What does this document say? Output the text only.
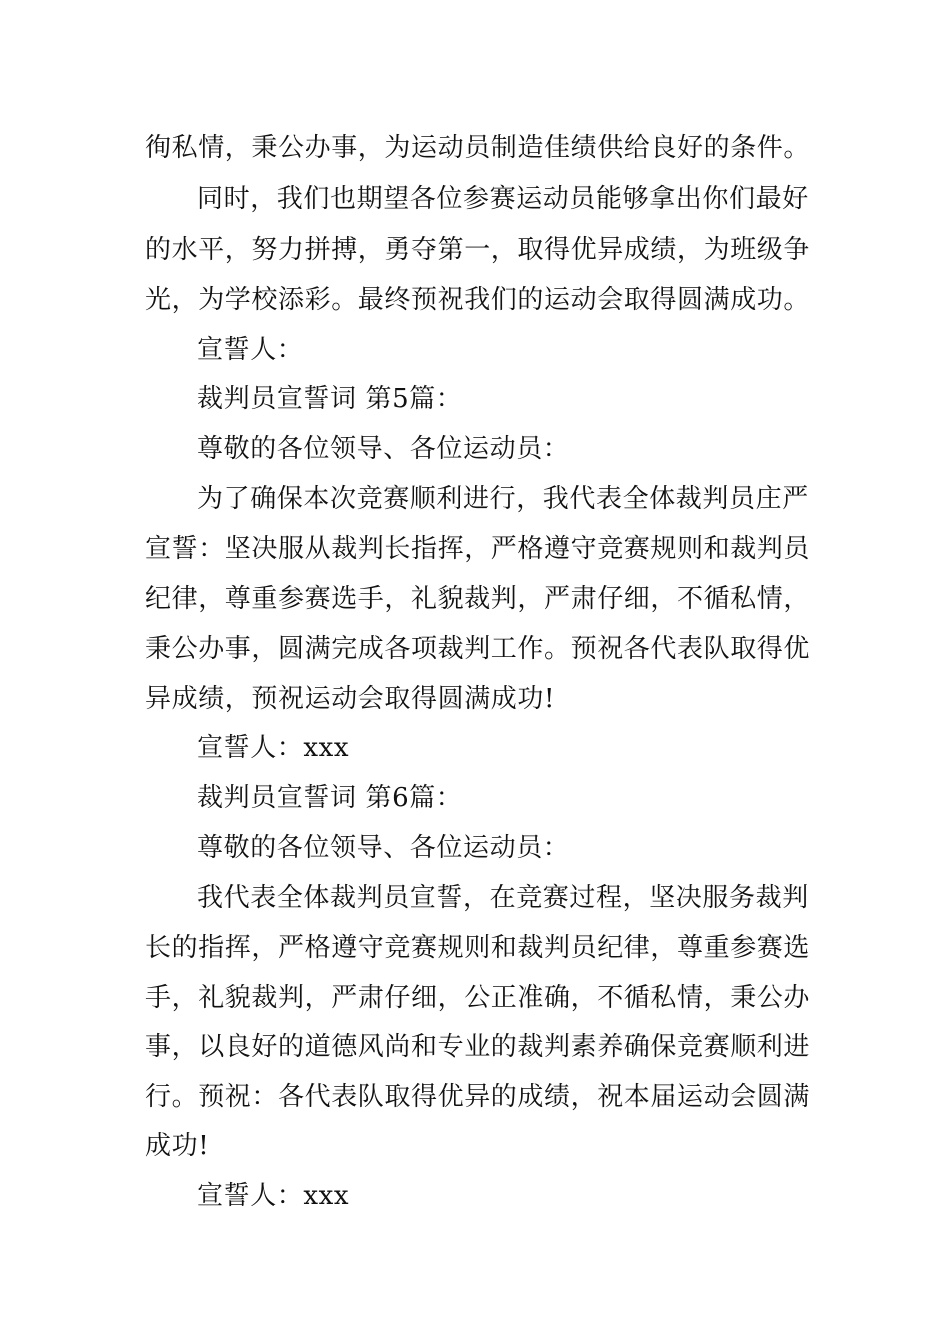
徇私情，秉公办事，为运动员制造佳绩供给良好的条件。
同时，我们也期望各位参赛运动员能够拿出你们最好
的水平，努力拼搏，勇夺第一，取得优异成绩，为班级争
光，为学校添彩。最终预祝我们的运动会取得圆满成功。
宣誓人：
裁判员宣誓词 第5篇：
尊敬的各位领导、各位运动员：
为了确保本次竞赛顺利进行，我代表全体裁判员庄严
宣誓：坚决服从裁判长指挥，严格遵守竞赛规则和裁判员
纪律，尊重参赛选手，礼貌裁判，严肃仔细，不循私情，
秉公办事，圆满完成各项裁判工作。预祝各代表队取得优
异成绩，预祝运动会取得圆满成功!
宣誓人：xxx
裁判员宣誓词 第6篇：
尊敬的各位领导、各位运动员：
我代表全体裁判员宣誓，在竞赛过程，坚决服务裁判
长的指挥，严格遵守竞赛规则和裁判员纪律，尊重参赛选
手，礼貌裁判，严肃仔细，公正准确，不循私情，秉公办
事，以良好的道德风尚和专业的裁判素养确保竞赛顺利进
行。预祝：各代表队取得优异的成绩，祝本届运动会圆满
成功!
宣誓人：xxx
